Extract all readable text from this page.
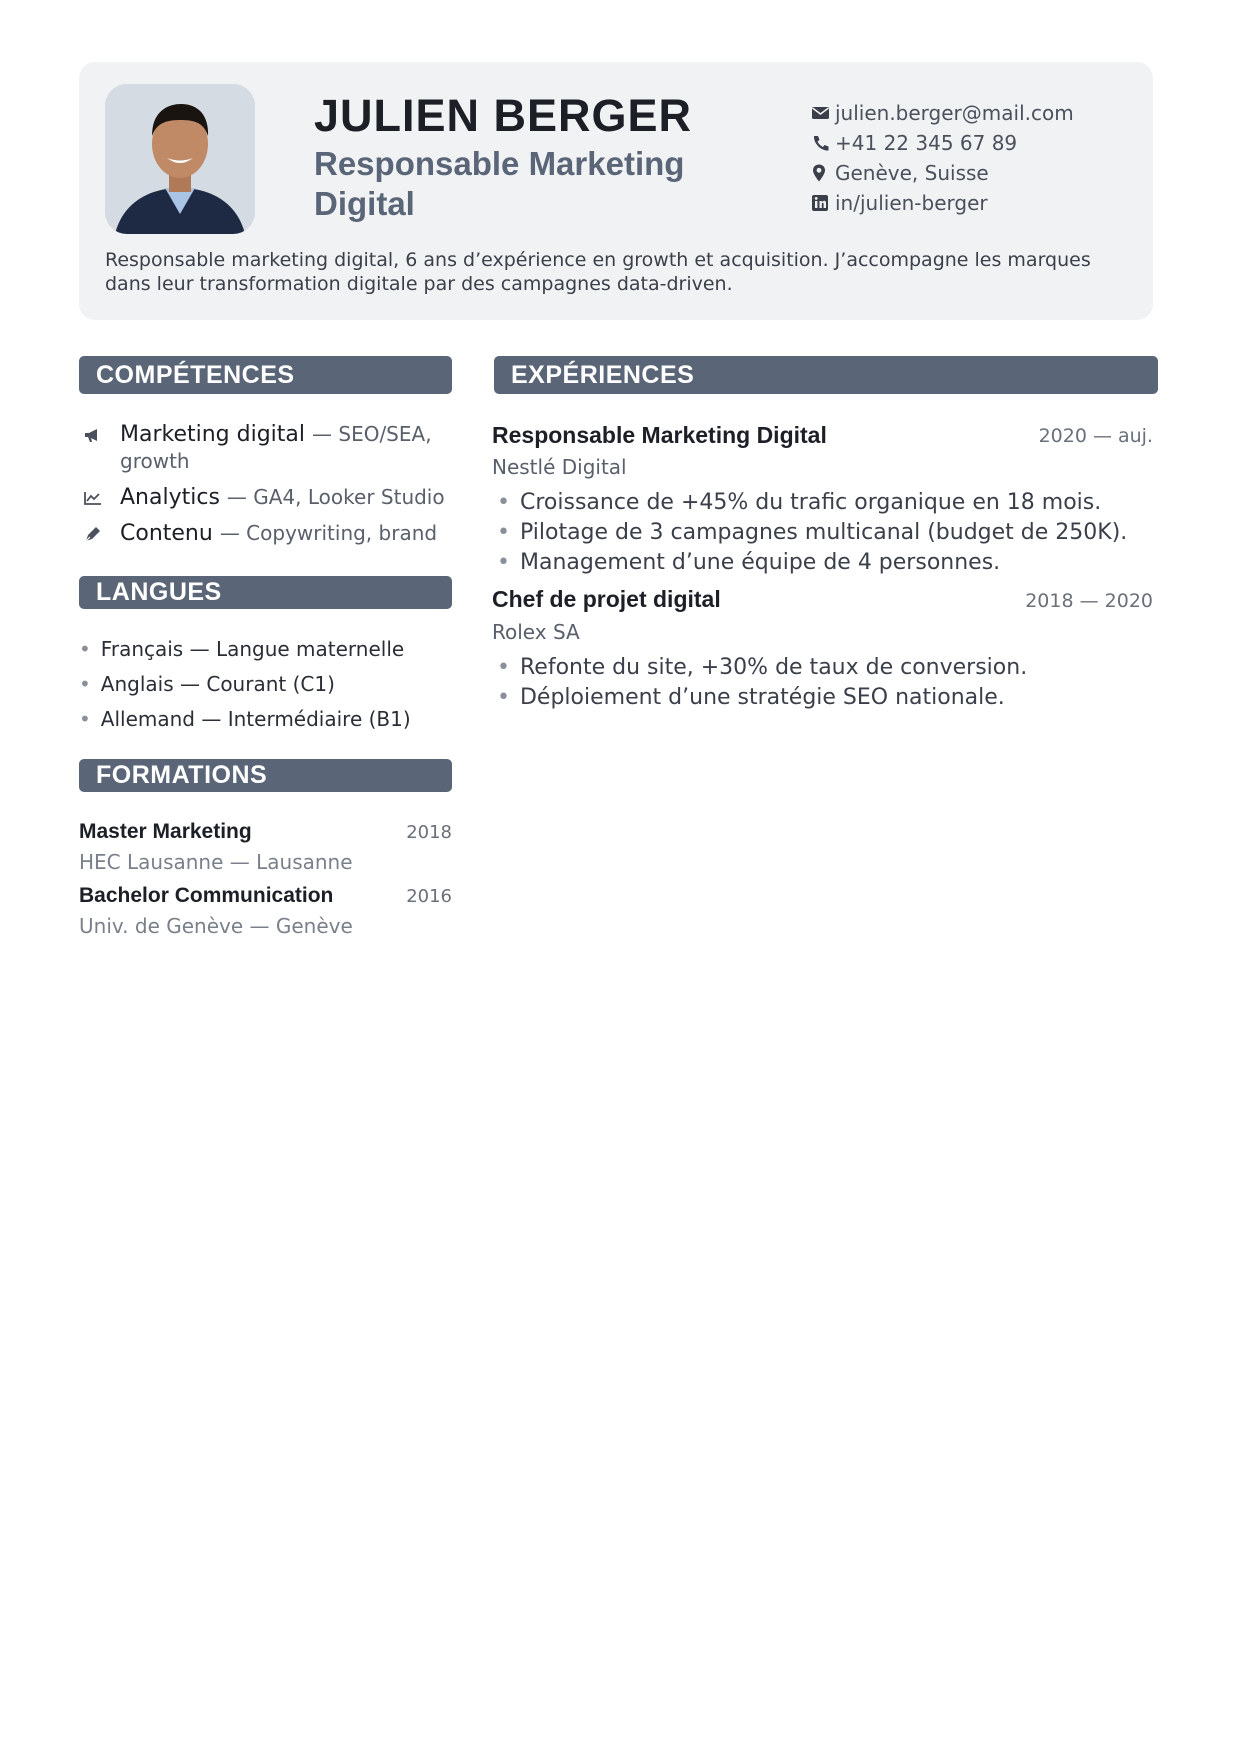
JULIEN BERGER
Responsable Marketing Digital
julien.berger@mail.com
+41 22 345 67 89
Genève, Suisse
in/julien-berger

Responsable marketing digital, 6 ans d’expérience en growth et acquisition. J’accompagne les marques dans leur transformation digitale par des campagnes data-driven.

COMPÉTENCES
Marketing digital — SEO/SEA, growth
Analytics — GA4, Looker Studio
Contenu — Copywriting, brand
LANGUES
• Français — Langue maternelle
• Anglais — Courant (C1)
• Allemand — Intermédiaire (B1)
FORMATIONS
Master Marketing	2018
HEC Lausanne — Lausanne
Bachelor Communication	2016
Univ. de Genève — Genève
EXPÉRIENCES
Responsable Marketing Digital	2020 — auj.
Nestlé Digital
• Croissance de +45% du trafic organique en 18 mois.
• Pilotage de 3 campagnes multicanal (budget de 250K).
• Management d’une équipe de 4 personnes.
Chef de projet digital	2018 — 2020
Rolex SA
• Refonte du site, +30% de taux de conversion.
• Déploiement d’une stratégie SEO nationale.
